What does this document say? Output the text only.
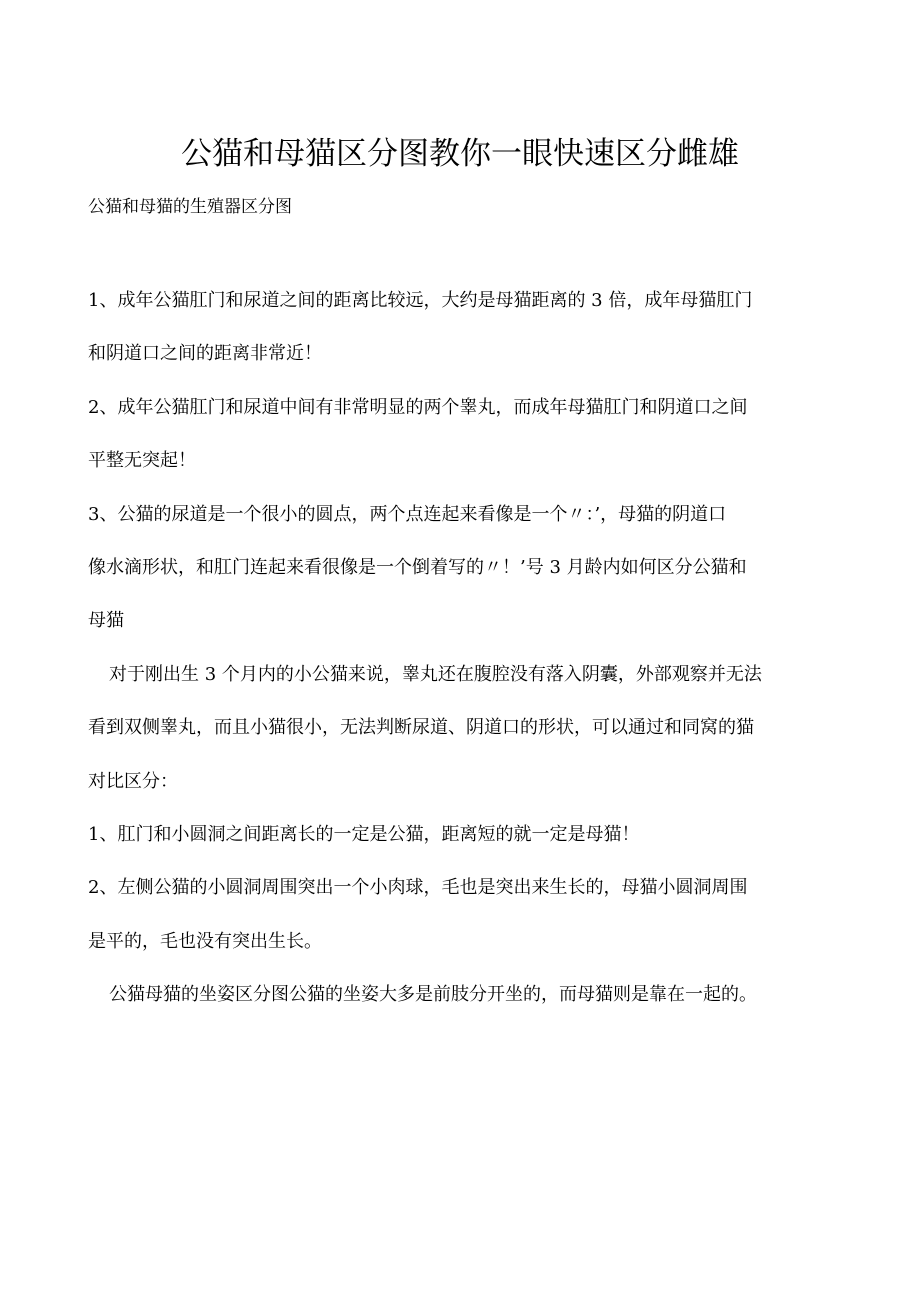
公猫和母猫区分图教你一眼快速区分雌雄
公猫和母猫的生殖器区分图

1、成年公猫肛门和尿道之间的距离比较远，大约是母猫距离的 3 倍，成年母猫肛门

和阴道口之间的距离非常近！

2、成年公猫肛门和尿道中间有非常明显的两个睾丸，而成年母猫肛门和阴道口之间

平整无突起！

3、公猫的尿道是一个很小的圆点，两个点连起来看像是一个〃：’，母猫的阴道口

像水滴形状，和肛门连起来看很像是一个倒着写的〃！’号 3 月龄内如何区分公猫和

母猫

对于刚出生 3 个月内的小公猫来说，睾丸还在腹腔没有落入阴囊，外部观察并无法

看到双侧睾丸，而且小猫很小，无法判断尿道、阴道口的形状，可以通过和同窝的猫

对比区分：

1、肛门和小圆洞之间距离长的一定是公猫，距离短的就一定是母猫！

2、左侧公猫的小圆洞周围突出一个小肉球，毛也是突出来生长的，母猫小圆洞周围

是平的，毛也没有突出生长。

公猫母猫的坐姿区分图公猫的坐姿大多是前肢分开坐的，而母猫则是靠在一起的。
